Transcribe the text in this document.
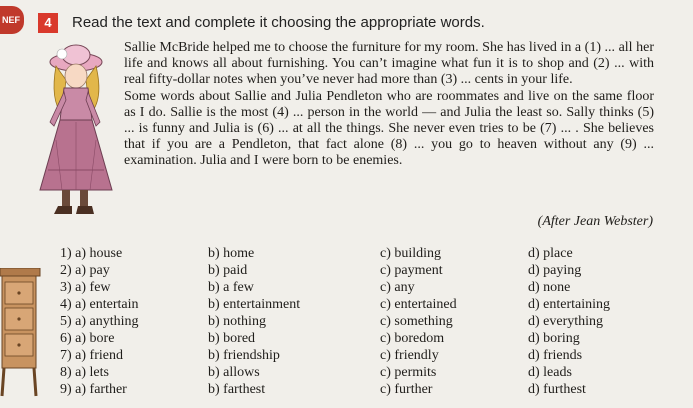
NEF	4	Read the text and complete it choosing the appropriate words.

Sallie McBride helped me to choose the furniture for my room. She has lived in a (1) ... all her life and knows all about furnishing. You can’t imagine what fun it is to shop and (2) ... with real fifty-dollar notes when you’ve never had more than (3) ... cents in your life.

Some words about Sallie and Julia Pendleton who are roommates and live on the same floor as I do. Sallie is the most (4) ... person in the world — and Julia the least so. Sally thinks (5) ... is funny and Julia is (6) ... at all the things. She never even tries to be (7) ... . She believes that if you are a Pendleton, that fact alone (8) ... you go to heaven without any (9) ... examination. Julia and I were born to be enemies.

(After Jean Webster)
1) a) house	b) home	c) building	d) place
2) a) pay	b) paid	c) payment	d) paying
3) a) few	b) a few	c) any	d) none
4) a) entertain	b) entertainment	c) entertained	d) entertaining
5) a) anything	b) nothing	c) something	d) everything
6) a) bore	b) bored	c) boredom	d) boring
7) a) friend	b) friendship	c) friendly	d) friends
8) a) lets	b) allows	c) permits	d) leads
9) a) farther	b) farthest	c) further	d) furthest
